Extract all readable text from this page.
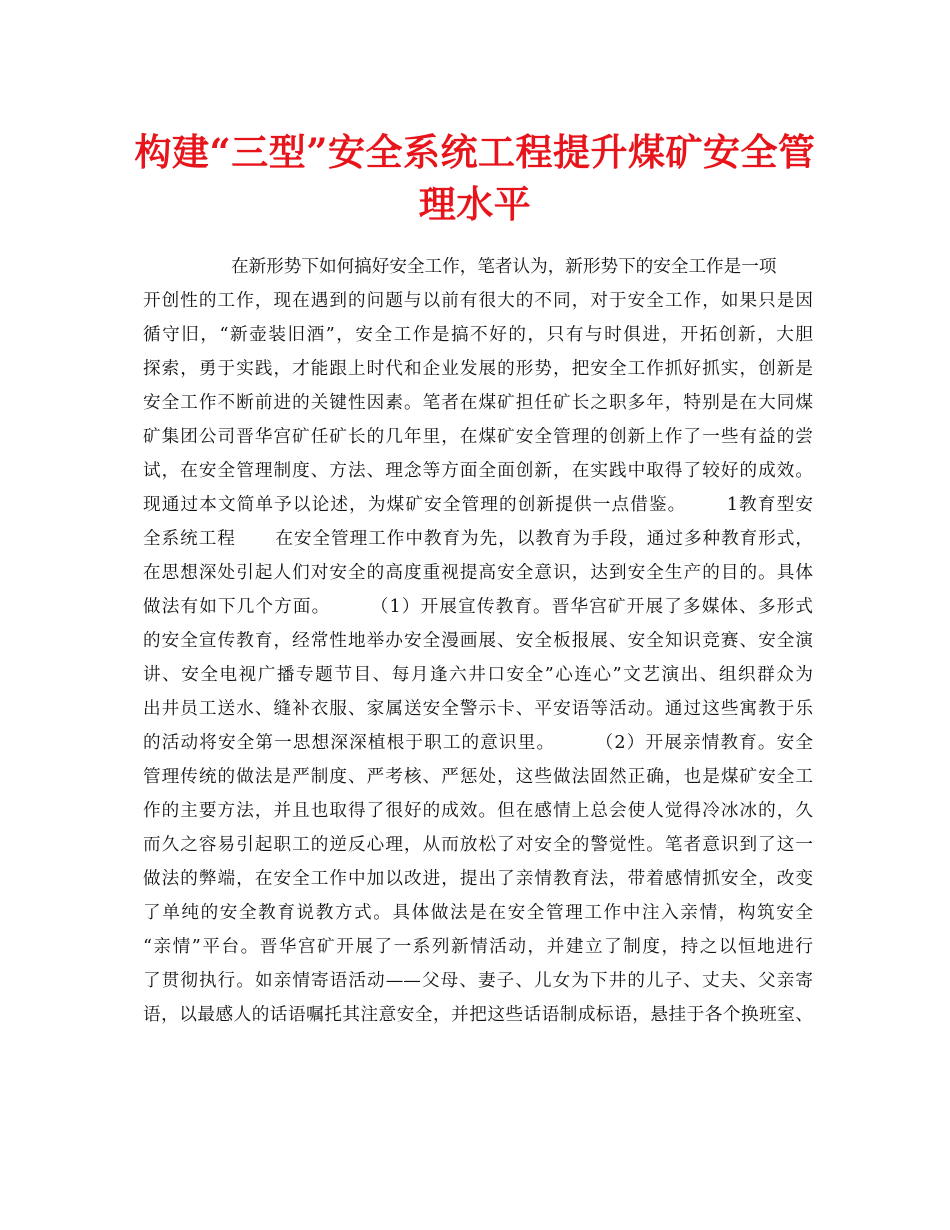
构建“三型”安全系统工程提升煤矿安全管
理水平
在新形势下如何搞好安全工作，笔者认为，新形势下的安全工作是一项
开创性的工作，现在遇到的问题与以前有很大的不同，对于安全工作，如果只是因
循守旧，“新壶装旧酒”，安全工作是搞不好的，只有与时俱进，开拓创新，大胆
探索，勇于实践，才能跟上时代和企业发展的形势，把安全工作抓好抓实，创新是
安全工作不断前进的关键性因素。笔者在煤矿担任矿长之职多年，特别是在大同煤
矿集团公司晋华宫矿任矿长的几年里，在煤矿安全管理的创新上作了一些有益的尝
试，在安全管理制度、方法、理念等方面全面创新，在实践中取得了较好的成效。
现通过本文简单予以论述，为煤矿安全管理的创新提供一点借鉴。      1教育型安
全系统工程      在安全管理工作中教育为先，以教育为手段，通过多种教育形式，
在思想深处引起人们对安全的高度重视提高安全意识，达到安全生产的目的。具体
做法有如下几个方面。      （1）开展宣传教育。晋华宫矿开展了多媒体、多形式
的安全宣传教育，经常性地举办安全漫画展、安全板报展、安全知识竞赛、安全演
讲、安全电视广播专题节目、每月逢六井口安全”心连心”文艺演出、组织群众为
出井员工送水、缝补衣服、家属送安全警示卡、平安语等活动。通过这些寓教于乐
的活动将安全第一思想深深植根于职工的意识里。      （2）开展亲情教育。安全
管理传统的做法是严制度、严考核、严惩处，这些做法固然正确，也是煤矿安全工
作的主要方法，并且也取得了很好的成效。但在感情上总会使人觉得冷冰冰的，久
而久之容易引起职工的逆反心理，从而放松了对安全的警觉性。笔者意识到了这一
做法的弊端，在安全工作中加以改进，提出了亲情教育法，带着感情抓安全，改变
了单纯的安全教育说教方式。具体做法是在安全管理工作中注入亲情，构筑安全
“亲情”平台。晋华宫矿开展了一系列新情活动，并建立了制度，持之以恒地进行
了贯彻执行。如亲情寄语活动——父母、妻子、儿女为下井的儿子、丈夫、父亲寄
语，以最感人的话语嘱托其注意安全，并把这些话语制成标语，悬挂于各个换班室、
